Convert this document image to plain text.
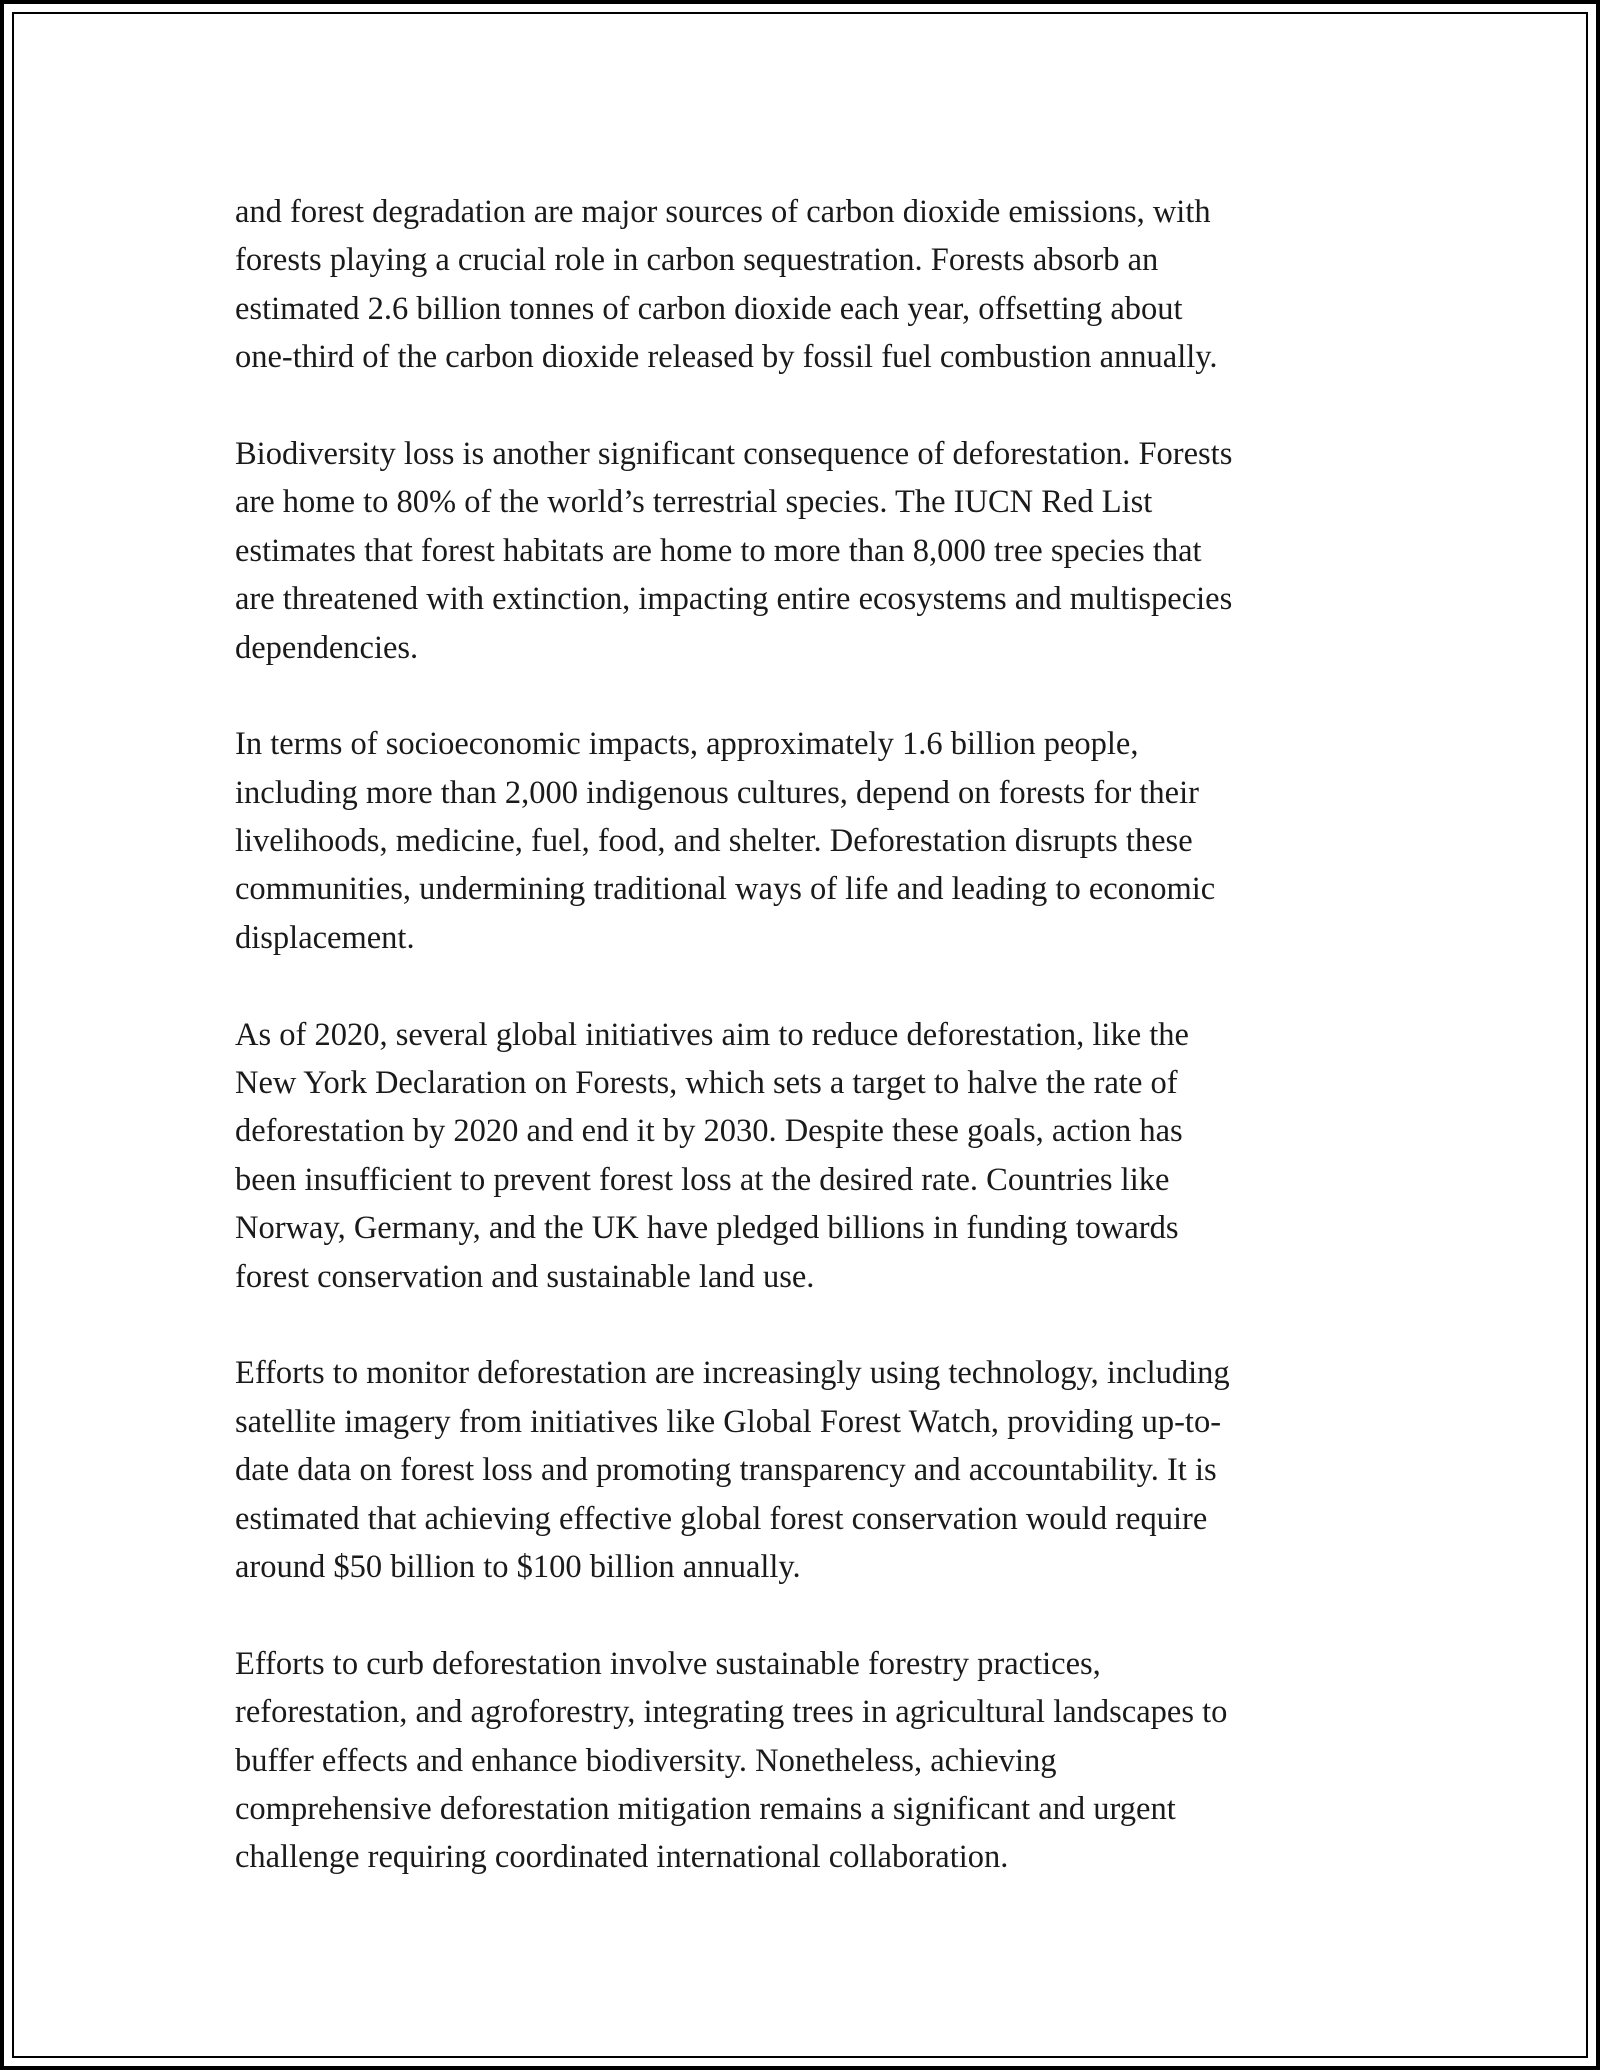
and forest degradation are major sources of carbon dioxide emissions, with
forests playing a crucial role in carbon sequestration. Forests absorb an
estimated 2.6 billion tonnes of carbon dioxide each year, offsetting about
one-third of the carbon dioxide released by fossil fuel combustion annually.

Biodiversity loss is another significant consequence of deforestation. Forests
are home to 80% of the world’s terrestrial species. The IUCN Red List
estimates that forest habitats are home to more than 8,000 tree species that
are threatened with extinction, impacting entire ecosystems and multispecies
dependencies.

In terms of socioeconomic impacts, approximately 1.6 billion people,
including more than 2,000 indigenous cultures, depend on forests for their
livelihoods, medicine, fuel, food, and shelter. Deforestation disrupts these
communities, undermining traditional ways of life and leading to economic
displacement.

As of 2020, several global initiatives aim to reduce deforestation, like the
New York Declaration on Forests, which sets a target to halve the rate of
deforestation by 2020 and end it by 2030. Despite these goals, action has
been insufficient to prevent forest loss at the desired rate. Countries like
Norway, Germany, and the UK have pledged billions in funding towards
forest conservation and sustainable land use.

Efforts to monitor deforestation are increasingly using technology, including
satellite imagery from initiatives like Global Forest Watch, providing up-to-
date data on forest loss and promoting transparency and accountability. It is
estimated that achieving effective global forest conservation would require
around $50 billion to $100 billion annually.

Efforts to curb deforestation involve sustainable forestry practices,
reforestation, and agroforestry, integrating trees in agricultural landscapes to
buffer effects and enhance biodiversity. Nonetheless, achieving
comprehensive deforestation mitigation remains a significant and urgent
challenge requiring coordinated international collaboration.
